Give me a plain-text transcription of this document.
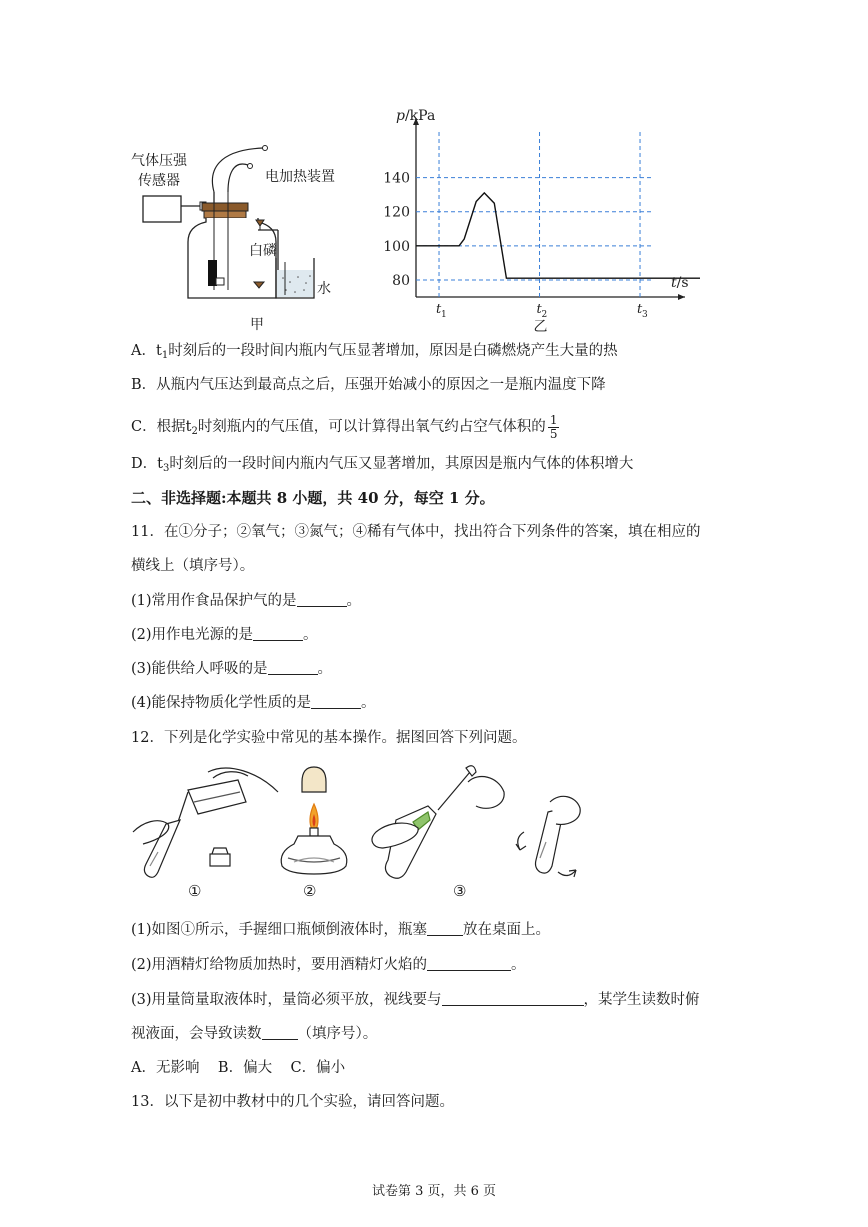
气体压强
传感器	电加热装置
白磷
水
甲
80
100
120
140
t 1	t 2	t 3
p/kPa
t/s
乙
A．$t_1$时刻后的一段时间内瓶内气压显著增加，原因是白磷燃烧产生大量的热
B．从瓶内气压达到最高点之后，压强开始减小的原因之一是瓶内温度下降
C．根据$t_2$时刻瓶内的气压值，可以计算得出氧气约占空气体积的 $\frac{1}{5}$
D．$t_3$时刻后的一段时间内瓶内气压又显著增加，其原因是瓶内气体的体积增大
二、非选择题:本题共 8 小题，共 40 分，每空 1 分。
11．在①分子；②氧气；③氮气；④稀有气体中，找出符合下列条件的答案，填在相应的
横线上（填序号）。
(1)常用作食品保护气的是	。
(2)用作电光源的是	。
(3)能供给人呼吸的是	。
(4)能保持物质化学性质的是	。
12．下列是化学实验中常见的基本操作。据图回答下列问题。
①	②	③
(1)如图①所示，手握细口瓶倾倒液体时，瓶塞 放在桌面上。
(2)用酒精灯给物质加热时，要用酒精灯火焰的	。
(3)用量筒量取液体时，量筒必须平放，视线要与	，某学生读数时俯
视液面，会导致读数 （填序号）。
A．无影响    B．偏大    C．偏小
13．以下是初中教材中的几个实验，请回答问题。
试卷第 3 页，共 6 页
